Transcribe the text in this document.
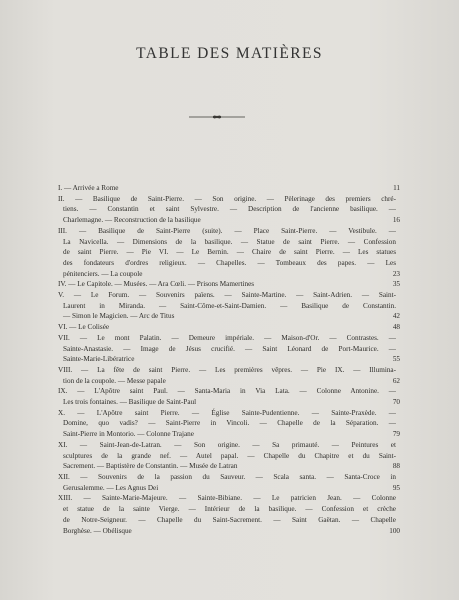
TABLE DES MATIÈRES
I. — Arrivée a Rome	11
II. — Basilique de Saint-Pierre. — Son origine. — Pèlerinage des premiers chré-
tiens. — Constantin et saint Sylvestre. — Description de l'ancienne basilique. —
Charlemagne. — Reconstruction de la basilique	16
III. — Basilique de Saint-Pierre (suite). — Place Saint-Pierre. — Vestibule. —
La Navicella. — Dimensions de la basilique. — Statue de saint Pierre. — Confession
de saint Pierre. — Pie VI. — Le Bernin. — Chaire de saint Pierre. — Les statues
des fondateurs d'ordres religieux. — Chapelles. — Tombeaux des papes. — Les
pénitenciers. — La coupole	23
IV. — Le Capitole. — Musées. — Ara Cœli. — Prisons Mamertines	35
V. — Le Forum. — Souvenirs païens. — Sainte-Martine. — Saint-Adrien. — Saint-
Laurent in Miranda. — Saint-Côme-et-Saint-Damien. — Basilique de Constantin.
— Simon le Magicien. — Arc de Titus	42
VI. — Le Colisée	48
VII. — Le mont Palatin. — Demeure impériale. — Maison-d'Or. — Contrastes. —
Sainte-Anastasie. — Image de Jésus crucifié. — Saint Léonard de Port-Maurice. —
Sainte-Marie-Libératrice	55
VIII. — La fête de saint Pierre. — Les premières vêpres. — Pie IX. — Illumina-
tion de la coupole. — Messe papale	62
IX. — L'Apôtre saint Paul. — Santa-Maria in Via Lata. — Colonne Antonine. —
Les trois fontaines. — Basilique de Saint-Paul	70
X. — L'Apôtre saint Pierre. — Église Sainte-Pudentienne. — Sainte-Praxède. —
Domine, quo vadis? — Saint-Pierre in Vincoli. — Chapelle de la Séparation. —
Saint-Pierre in Montorio. — Colonne Trajane	79
XI. — Saint-Jean-de-Latran. — Son origine. — Sa primauté. — Peintures et
sculptures de la grande nef. — Autel papal. — Chapelle du Chapitre et du Saint-
Sacrement. — Baptistère de Constantin. — Musée de Latran	88
XII. — Souvenirs de la passion du Sauveur. — Scala santa. — Santa-Croce in
Gerusalemme. — Les Agnus Dei	95
XIII. — Sainte-Marie-Majeure. — Sainte-Bibiane. — Le patricien Jean. — Colonne
et statue de la sainte Vierge. — Intérieur de la basilique. — Confession et crèche
de Notre-Seigneur. — Chapelle du Saint-Sacrement. — Saint Gaëtan. — Chapelle
Borghèse. — Obélisque	100
